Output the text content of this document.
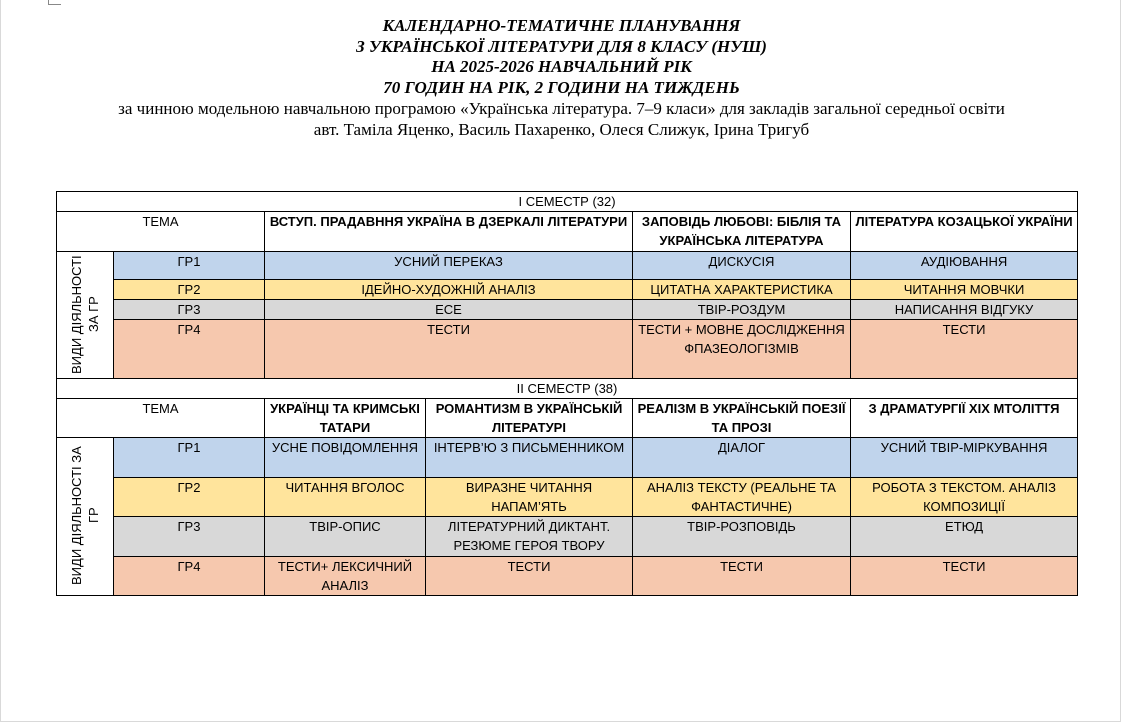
КАЛЕНДАРНО-ТЕМАТИЧНЕ ПЛАНУВАННЯ

З УКРАЇНСЬКОЇ ЛІТЕРАТУРИ ДЛЯ 8 КЛАСУ (НУШ)

НА 2025-2026 НАВЧАЛЬНИЙ РІК

70 ГОДИН НА РІК, 2 ГОДИНИ НА ТИЖДЕНЬ

за чинною модельною навчальною програмою «Українська література. 7–9 класи» для закладів загальної середньої освіти

авт. Таміла Яценко, Василь Пахаренко, Олеся Слижук, Ірина Тригуб

І СЕМЕСТР (32)					
ТЕМА		ВСТУП. ПРАДАВННЯ УКРАЇНА В ДЗЕРКАЛІ ЛІТЕРАТУРИ		ЗАПОВІДЬ ЛЮБОВІ: БІБЛІЯ ТА УКРАЇНСЬКА ЛІТЕРАТУРА	ЛІТЕРАТУРА КОЗАЦЬКОЇ УКРАЇНИ

ВИДИ ДІЯЛЬНОСТІ ЗА ГР	ГР1	УСНИЙ ПЕРЕКАЗ		ДИСКУСІЯ	АУДІЮВАННЯ
	ГР2	ІДЕЙНО-ХУДОЖНІЙ АНАЛІЗ		ЦИТАТНА ХАРАКТЕРИСТИКА	ЧИТАННЯ МОВЧКИ
	ГР3	ЕСЕ		ТВІР-РОЗДУМ	НАПИСАННЯ ВІДГУКУ
	ГР4	ТЕСТИ		ТЕСТИ + МОВНЕ ДОСЛІДЖЕННЯ ФПАЗЕОЛОГІЗМІВ	ТЕСТИ
ІІ СЕМЕСТР (38)					
ТЕМА		УКРАЇНЦІ ТА КРИМСЬКІ ТАТАРИ	РОМАНТИЗМ В УКРАЇНСЬКІЙ ЛІТЕРАТУРІ	РЕАЛІЗМ В УКРАЇНСЬКІЙ ПОЕЗІЇ ТА ПРОЗІ	З ДРАМАТУРГІЇ ХІХ МТОЛІТТЯ

ВИДИ ДІЯЛЬНОСТІ ЗА ГР	ГР1	УСНЕ ПОВІДОМЛЕННЯ	ІНТЕРВ’Ю З ПИСЬМЕННИКОМ	ДІАЛОГ	УСНИЙ ТВІР-МІРКУВАННЯ
	ГР2	ЧИТАННЯ ВГОЛОС	ВИРАЗНЕ ЧИТАННЯ НАПАМ’ЯТЬ	АНАЛІЗ ТЕКСТУ (РЕАЛЬНЕ ТА ФАНТАСТИЧНЕ)	РОБОТА З ТЕКСТОМ. АНАЛІЗ КОМПОЗИЦІЇ
	ГР3	ТВІР-ОПИС	ЛІТЕРАТУРНИЙ ДИКТАНТ. РЕЗЮМЕ ГЕРОЯ ТВОРУ	ТВІР-РОЗПОВІДЬ	ЕТЮД
	ГР4	ТЕСТИ+ ЛЕКСИЧНИЙ АНАЛІЗ	ТЕСТИ	ТЕСТИ	ТЕСТИ
